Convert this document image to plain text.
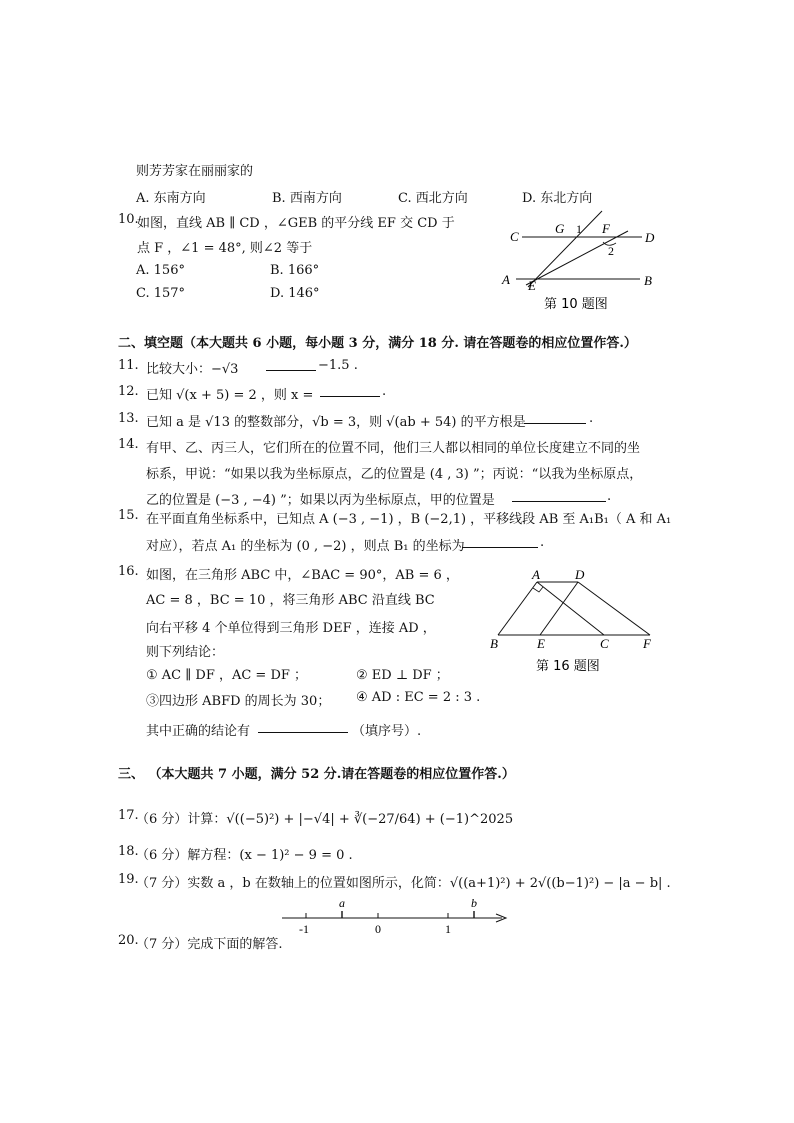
则芳芳家在丽丽家的
A. 东南方向	B. 西南方向	C. 西北方向	D. 东北方向
10.
如图，直线 AB ∥ CD ，∠GEB 的平分线 EF 交 CD 于
点 F ，∠1 = 48°, 则∠2 等于
A. 156°	B. 166°
C. 157°	D. 146°
C	D
G 1 F
2
A	B
E
第 10 题图
二、填空题（本大题共 6 小题，每小题 3 分，满分 18 分. 请在答题卷的相应位置作答.）
11. 比较大小：−√3	−1.5 .
12. 已知 √(x + 5) = 2 ，则 x =	.
13. 已知 a 是 √13 的整数部分，√b = 3，则 √(ab + 54) 的平方根是	.
14. 有甲、乙、丙三人，它们所在的位置不同，他们三人都以相同的单位长度建立不同的坐
标系，甲说：“如果以我为坐标原点，乙的位置是 (4 , 3) ”；丙说：“以我为坐标原点，
乙的位置是 (−3 , −4) ”；如果以丙为坐标原点，甲的位置是	.
15. 在平面直角坐标系中，已知点 A (−3 , −1) ，B (−2,1) ，平移线段 AB 至 A₁B₁（ A 和 A₁
对应），若点 A₁ 的坐标为 (0 , −2) ，则点 B₁ 的坐标为	.
16. 如图，在三角形 ABC 中，∠BAC = 90°，AB = 6 ，
AC = 8 ，BC = 10 ，将三角形 ABC 沿直线 BC
向右平移 4 个单位得到三角形 DEF ，连接 AD ，
则下列结论：
① AC ∥ DF ，AC = DF ；	② ED ⊥ DF ；
③四边形 ABFD 的周长为 30； ④ AD : EC = 2 : 3 .
其中正确的结论有	（填序号）.
A	D
B	E	C	F
第 16 题图
三、 （本大题共 7 小题，满分 52 分.请在答题卷的相应位置作答.）
17.
（6 分）计算：√((−5)²) + |−√4| + ∛(−27/64) + (−1)^2025
18.
（6 分）解方程：(x − 1)² − 9 = 0 .
19.
（7 分）实数 a ，b 在数轴上的位置如图所示，化简：√((a+1)²) + 2√((b−1)²) − |a − b| .
-1	0	1
a	b
20.
（7 分）完成下面的解答.
